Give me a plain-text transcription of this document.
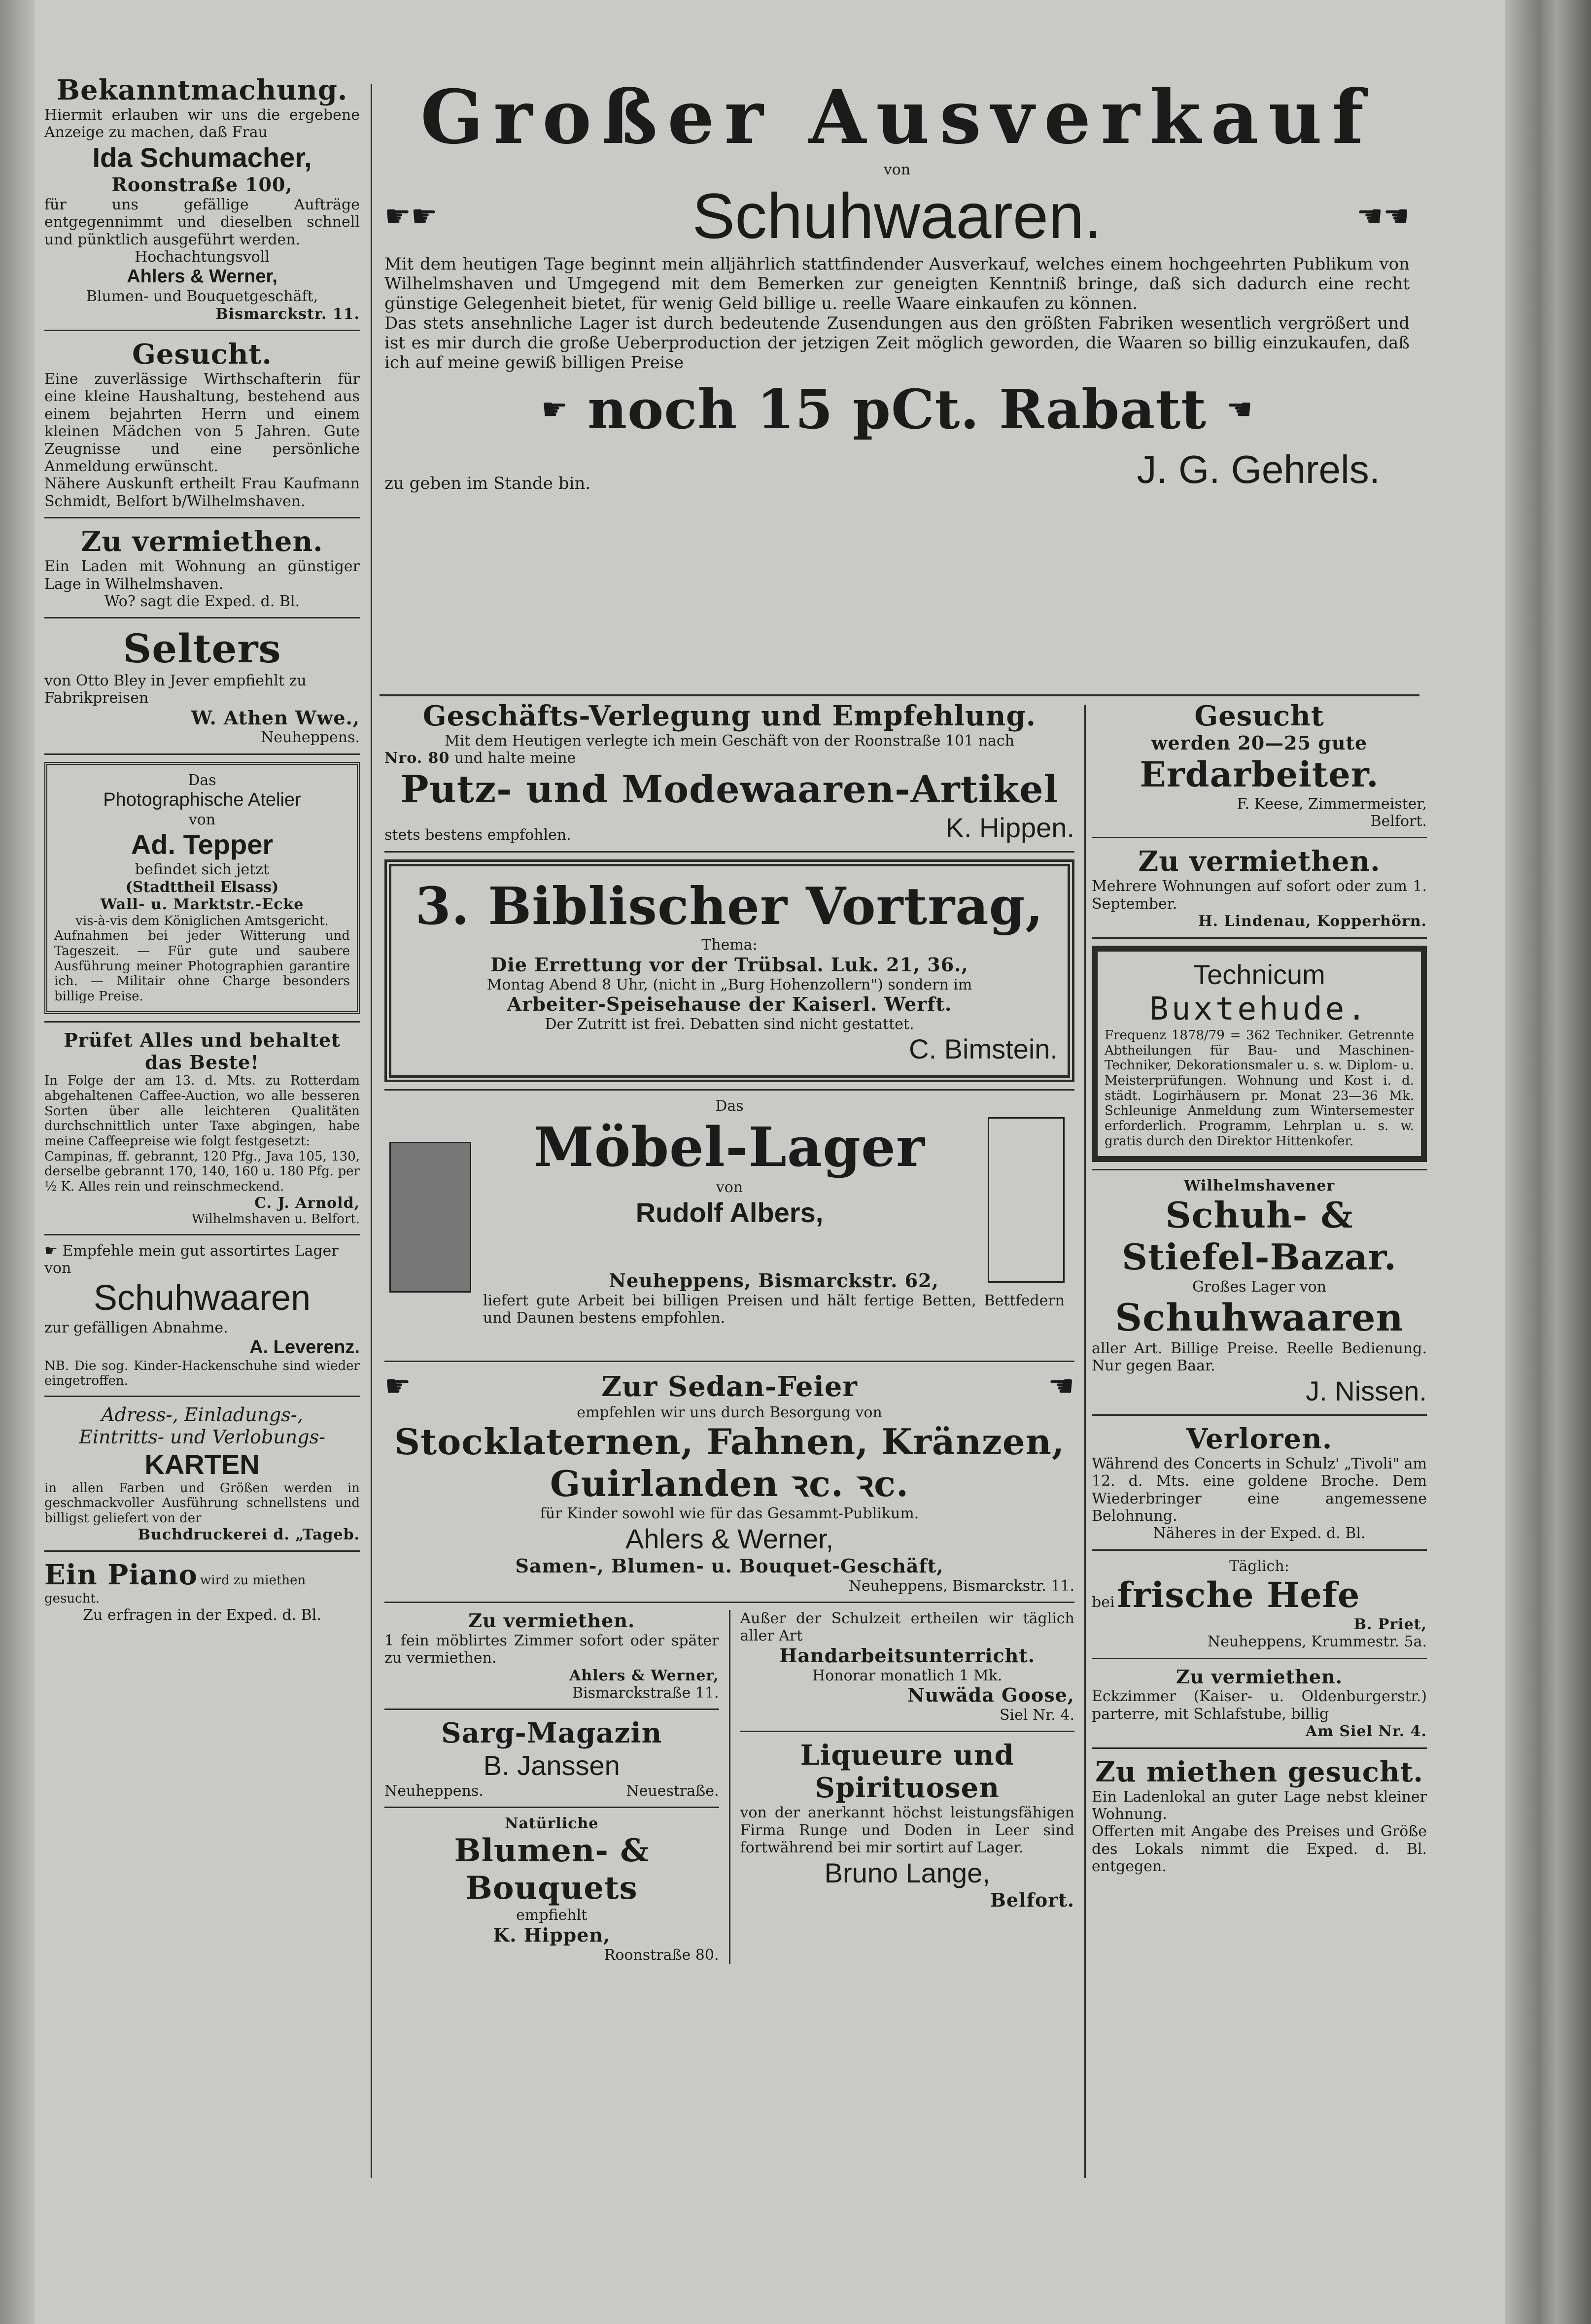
Bekanntmachung.
Hiermit erlauben wir uns die ergebene Anzeige zu machen, daß Frau
Ida Schumacher,
Roonstraße 100,
für uns gefällige Aufträge entgegennimmt und dieselben schnell und pünktlich ausgeführt werden.
Hochachtungsvoll
Ahlers & Werner,
Blumen- und Bouquetgeschäft,
Bismarckstr. 11.
Gesucht.
Eine zuverlässige Wirthschafterin für eine kleine Haushaltung, bestehend aus einem bejahrten Herrn und einem kleinen Mädchen von 5 Jahren. Gute Zeugnisse und eine persönliche Anmeldung erwünscht.
Nähere Auskunft ertheilt Frau Kaufmann Schmidt, Belfort b/Wilhelmshaven.
Zu vermiethen.
Ein Laden mit Wohnung an günstiger Lage in Wilhelmshaven.
Wo? sagt die Exped. d. Bl.
Selters
von Otto Bley in Jever empfiehlt zu Fabrikpreisen
W. Athen Wwe.,
Neuheppens.
Das
Photographische Atelier
von
Ad. Tepper
befindet sich jetzt
(Stadttheil Elsass)
Wall- u. Marktstr.-Ecke
vis-à-vis dem Königlichen Amtsgericht.
Aufnahmen bei jeder Witterung und Tageszeit. — Für gute und saubere Ausführung meiner Photographien garantire ich. — Militair ohne Charge besonders billige Preise.
Prüfet Alles und behaltet das Beste!
In Folge der am 13. d. Mts. zu Rotterdam abgehaltenen Caffee-Auction, wo alle besseren Sorten über alle leichteren Qualitäten durchschnittlich unter Taxe abgingen, habe meine Caffeepreise wie folgt festgesetzt:
Campinas, ff. gebrannt, 120 Pfg., Java 105, 130, derselbe gebrannt 170, 140, 160 u. 180 Pfg. per ½ K. Alles rein und reinschmeckend.
C. J. Arnold,
Wilhelmshaven u. Belfort.
☛ Empfehle mein gut assortirtes Lager von
Schuhwaaren
zur gefälligen Abnahme.
A. Leverenz.
NB. Die sog. Kinder-Hackenschuhe sind wieder eingetroffen.
Adress-, Einladungs-,
Eintritts- und Verlobungs-
KARTEN
in allen Farben und Größen werden in geschmackvoller Ausführung schnellstens und billigst geliefert von der
Buchdruckerei d. „Tageb.
Ein Piano wird zu miethen gesucht.
Zu erfragen in der Exped. d. Bl.
Großer Ausverkauf
von
☛☛	Schuhwaaren.	☚☚
Mit dem heutigen Tage beginnt mein alljährlich stattfindender Ausverkauf, welches einem hochgeehrten Publikum von Wilhelmshaven und Umgegend mit dem Bemerken zur geneigten Kenntniß bringe, daß sich dadurch eine recht günstige Gelegenheit bietet, für wenig Geld billige u. reelle Waare einkaufen zu können.
Das stets ansehnliche Lager ist durch bedeutende Zusendungen aus den größten Fabriken wesentlich vergrößert und ist es mir durch die große Ueberproduction der jetzigen Zeit möglich geworden, die Waaren so billig einzukaufen, daß ich auf meine gewiß billigen Preise
☛ noch 15 pCt. Rabatt ☚
zu geben im Stande bin.	J. G. Gehrels.
Geschäfts-Verlegung und Empfehlung.
Mit dem Heutigen verlegte ich mein Geschäft von der Roonstraße 101 nach
Nro. 80 und halte meine
Putz- und Modewaaren-Artikel
stets bestens empfohlen.	K. Hippen.
3. Biblischer Vortrag,
Thema:
Die Errettung vor der Trübsal. Luk. 21, 36.,
Montag Abend 8 Uhr, (nicht in „Burg Hohenzollern") sondern im
Arbeiter-Speisehause der Kaiserl. Werft.
Der Zutritt ist frei. Debatten sind nicht gestattet.
C. Bimstein.
Das
Möbel-Lager
von
Rudolf Albers,
Neuheppens, Bismarckstr. 62,
liefert gute Arbeit bei billigen Preisen und hält fertige Betten, Bettfedern und Daunen bestens empfohlen.
☛	Zur Sedan-Feier	☚
empfehlen wir uns durch Besorgung von
Stocklaternen, Fahnen, Kränzen, Guirlanden ꝛc. ꝛc.
für Kinder sowohl wie für das Gesammt-Publikum.
Ahlers & Werner,
Samen-, Blumen- u. Bouquet-Geschäft,
Neuheppens, Bismarckstr. 11.
Zu vermiethen.
1 fein möblirtes Zimmer sofort oder später zu vermiethen.
Ahlers & Werner,
Bismarckstraße 11.
Sarg-Magazin
B. Janssen
Neuheppens.	Neuestraße.
Natürliche
Blumen- & Bouquets
empfiehlt
K. Hippen,
Roonstraße 80.
Außer der Schulzeit ertheilen wir täglich aller Art
Handarbeitsunterricht.
Honorar monatlich 1 Mk.
Nuwäda Goose,
Siel Nr. 4.
Liqueure und Spirituosen
von der anerkannt höchst leistungsfähigen Firma Runge und Doden in Leer sind fortwährend bei mir sortirt auf Lager.
Bruno Lange,
Belfort.
Gesucht
werden 20—25 gute
Erdarbeiter.
F. Keese, Zimmermeister,
Belfort.
Zu vermiethen.
Mehrere Wohnungen auf sofort oder zum 1. September.
H. Lindenau, Kopperhörn.
Technicum
Buxtehude.
Frequenz 1878/79 = 362 Techniker. Getrennte Abtheilungen für Bau- und Maschinen-Techniker, Dekorationsmaler u. s. w. Diplom- u. Meisterprüfungen. Wohnung und Kost i. d. städt. Logirhäusern pr. Monat 23—36 Mk. Schleunige Anmeldung zum Wintersemester erforderlich. Programm, Lehrplan u. s. w. gratis durch den Direktor Hittenkofer.
Wilhelmshavener
Schuh- & Stiefel-Bazar.
Großes Lager von
Schuhwaaren
aller Art. Billige Preise. Reelle Bedienung. Nur gegen Baar.
J. Nissen.
Verloren.
Während des Concerts in Schulz' „Tivoli" am 12. d. Mts. eine goldene Broche. Dem Wiederbringer eine angemessene Belohnung.
Näheres in der Exped. d. Bl.
Täglich:
bei frische Hefe
B. Priet,
Neuheppens, Krummestr. 5a.
Zu vermiethen.
Eckzimmer (Kaiser- u. Oldenburgerstr.) parterre, mit Schlafstube, billig
Am Siel Nr. 4.
Zu miethen gesucht.
Ein Ladenlokal an guter Lage nebst kleiner Wohnung.
Offerten mit Angabe des Preises und Größe des Lokals nimmt die Exped. d. Bl. entgegen.
